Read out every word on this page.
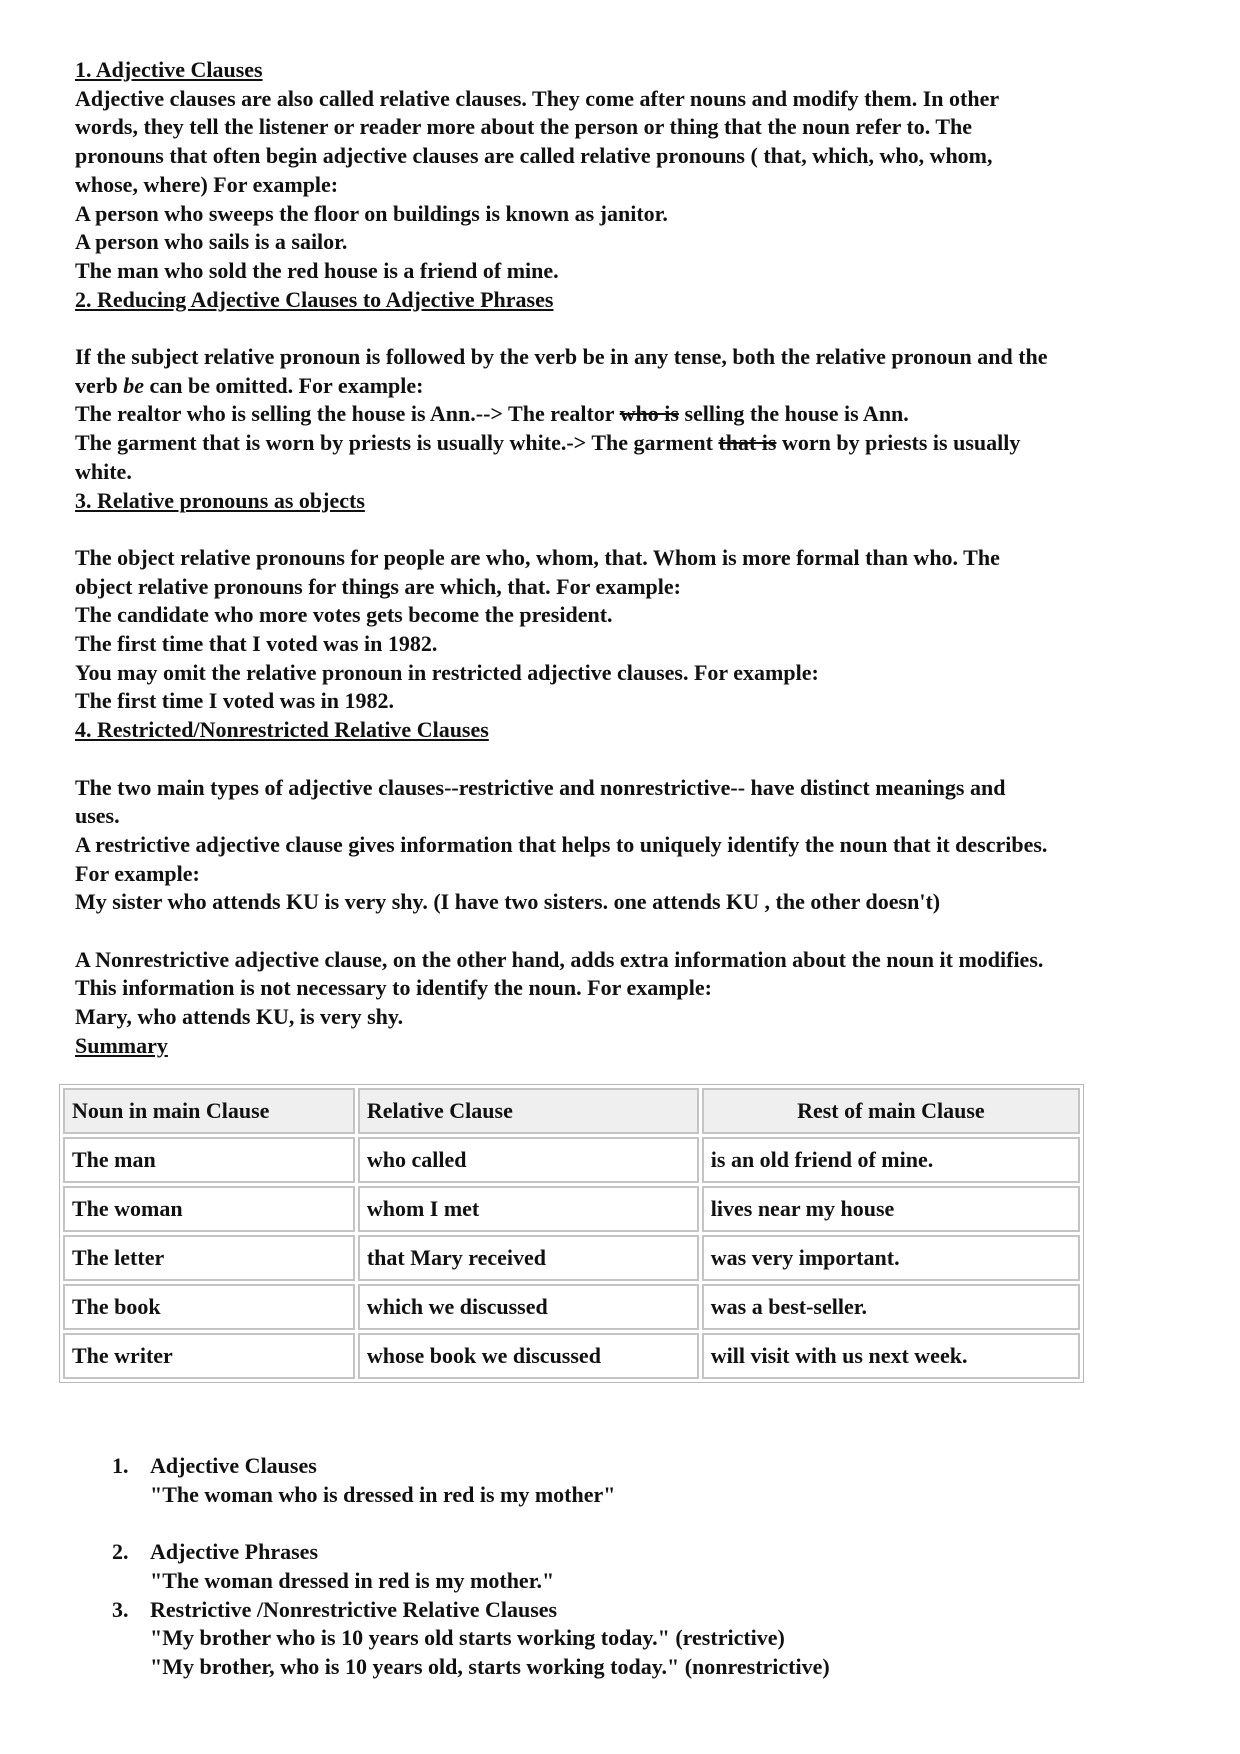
1. Adjective Clauses
Adjective clauses are also called relative clauses. They come after nouns and modify them. In other
words, they tell the listener or reader more about the person or thing that the noun refer to. The
pronouns that often begin adjective clauses are called relative pronouns ( that, which, who, whom,
whose, where) For example:
A person who sweeps the floor on buildings is known as janitor.
A person who sails is a sailor.
The man who sold the red house is a friend of mine.
2. Reducing Adjective Clauses to Adjective Phrases
If the subject relative pronoun is followed by the verb be in any tense, both the relative pronoun and the
verb be can be omitted. For example:
The realtor who is selling the house is Ann.--> The realtor who is selling the house is Ann.
The garment that is worn by priests is usually white.-> The garment that is worn by priests is usually
white.
3. Relative pronouns as objects
The object relative pronouns for people are who, whom, that. Whom is more formal than who. The
object relative pronouns for things are which, that. For example:
The candidate who more votes gets become the president.
The first time that I voted was in 1982.
You may omit the relative pronoun in restricted adjective clauses. For example:
The first time I voted was in 1982.
4. Restricted/Nonrestricted Relative Clauses
The two main types of adjective clauses--restrictive and nonrestrictive-- have distinct meanings and
uses.
A restrictive adjective clause gives information that helps to uniquely identify the noun that it describes.
For example:
My sister who attends KU is very shy. (I have two sisters. one attends KU , the other doesn't)
A Nonrestrictive adjective clause, on the other hand, adds extra information about the noun it modifies.
This information is not necessary to identify the noun. For example:
Mary, who attends KU, is very shy.
Summary
Noun in main Clause	Relative Clause	Rest of main Clause
The man	who called	is an old friend of mine.
The woman	whom I met	lives near my house
The letter	that Mary received	was very important.
The book	which we discussed	was a best-seller.
The writer	whose book we discussed	will visit with us next week.
1. Adjective Clauses
"The woman who is dressed in red is my mother"
2. Adjective Phrases
"The woman dressed in red is my mother."
3. Restrictive /Nonrestrictive Relative Clauses
"My brother who is 10 years old starts working today." (restrictive)
"My brother, who is 10 years old, starts working today." (nonrestrictive)
